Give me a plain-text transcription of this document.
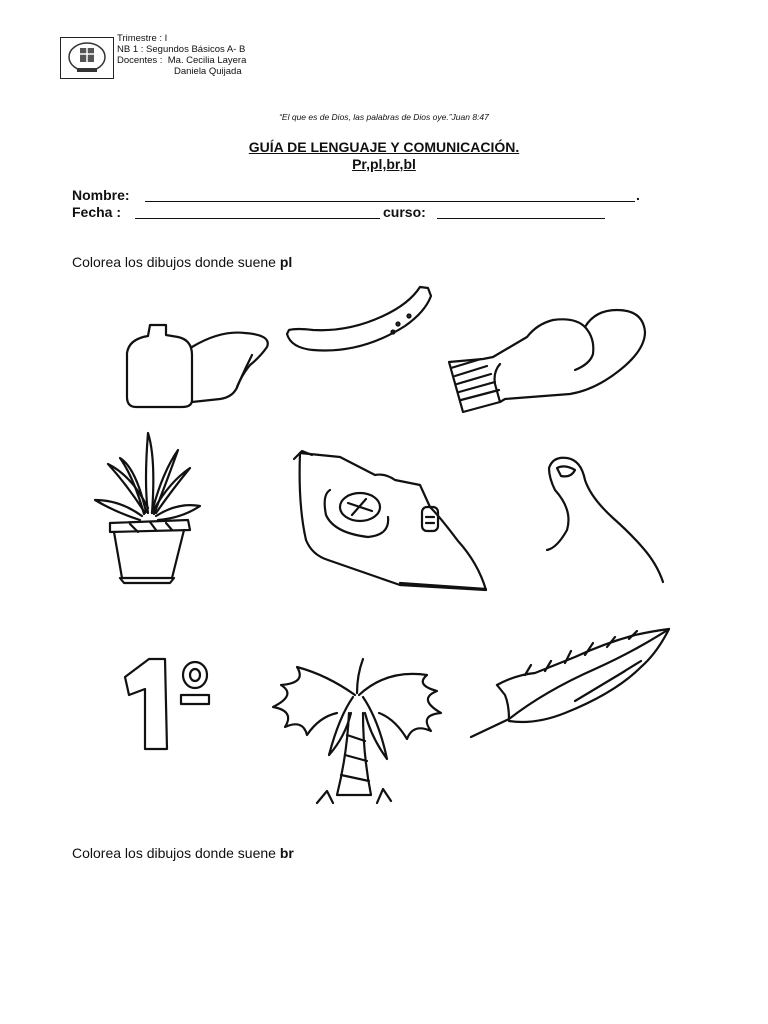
Trimestre : I
NB 1 : Segundos Básicos A- B
Docentes :  Ma. Cecilia Layera
Daniela Quijada
“El que es de Dios, las palabras de Dios oye.”Juan 8:47
GUÍA DE LENGUAJE Y COMUNICACIÓN.
Pr,pl,br,bl
Nombre:	.
Fecha :	curso:
Colorea los dibujos donde suene pl
Colorea los dibujos donde suene br
